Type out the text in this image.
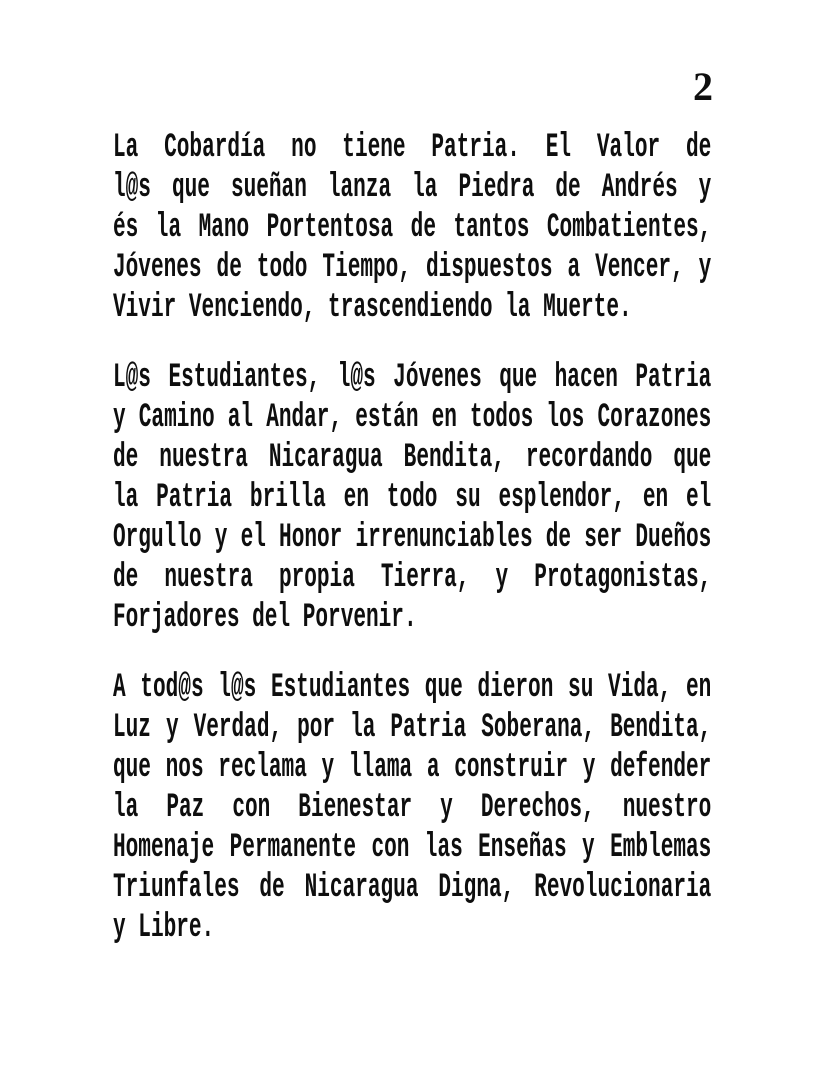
2
La Cobardía no tiene Patria. El Valor de
l@s que sueñan lanza la Piedra de Andrés y
és la Mano Portentosa de tantos Combatientes,
Jóvenes de todo Tiempo, dispuestos a Vencer, y
Vivir Venciendo, trascendiendo la Muerte.
L@s Estudiantes, l@s Jóvenes que hacen Patria
y Camino al Andar, están en todos los Corazones
de nuestra Nicaragua Bendita, recordando que
la Patria brilla en todo su esplendor, en el
Orgullo y el Honor irrenunciables de ser Dueños
de nuestra propia Tierra, y Protagonistas,
Forjadores del Porvenir.
A tod@s l@s Estudiantes que dieron su Vida, en
Luz y Verdad, por la Patria Soberana, Bendita,
que nos reclama y llama a construir y defender
la Paz con Bienestar y Derechos, nuestro
Homenaje Permanente con las Enseñas y Emblemas
Triunfales de Nicaragua Digna, Revolucionaria
y Libre.
